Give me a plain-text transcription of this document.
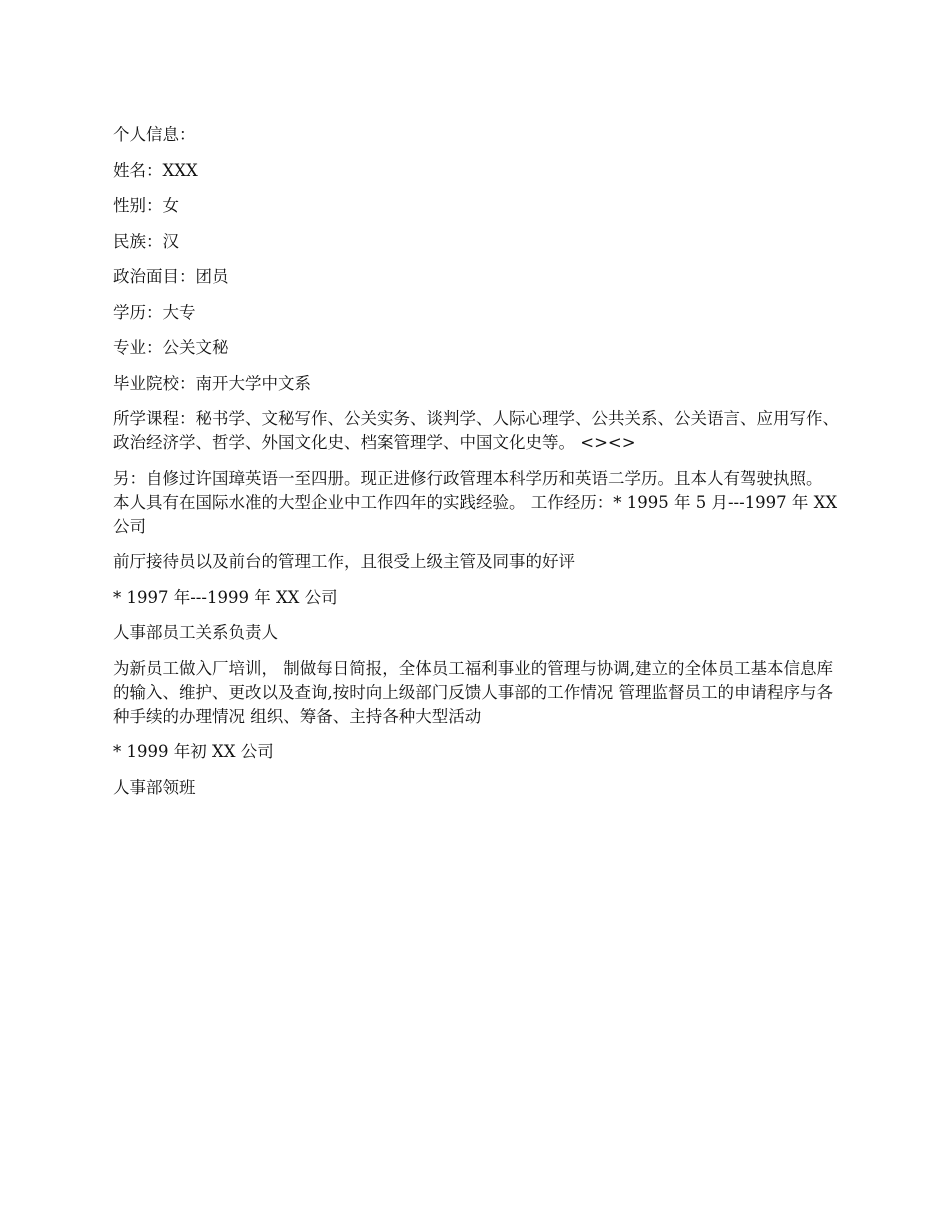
个人信息：

姓名：XXX

性别：女

民族：汉

政治面目：团员

学历：大专

专业：公关文秘

毕业院校：南开大学中文系

所学课程：秘书学、文秘写作、公关实务、谈判学、人际心理学、公共关系、公关语言、应用写作、 政治经济学、哲学、外国文化史、档案管理学、中国文化史等。 <><>

另：自修过许国璋英语一至四册。现正进修行政管理本科学历和英语二学历。且本人有驾驶执照。 本人具有在国际水准的大型企业中工作四年的实践经验。 工作经历：* 1995 年 5 月---1997 年 XX 公司

前厅接待员以及前台的管理工作，且很受上级主管及同事的好评

* 1997 年---1999 年 XX 公司

人事部员工关系负责人

为新员工做入厂培训， 制做每日简报，全体员工福利事业的管理与协调,建立的全体员工基本信息库的输入、维护、更改以及查询,按时向上级部门反馈人事部的工作情况 管理监督员工的申请程序与各种手续的办理情况 组织、筹备、主持各种大型活动

* 1999 年初 XX 公司

人事部领班
